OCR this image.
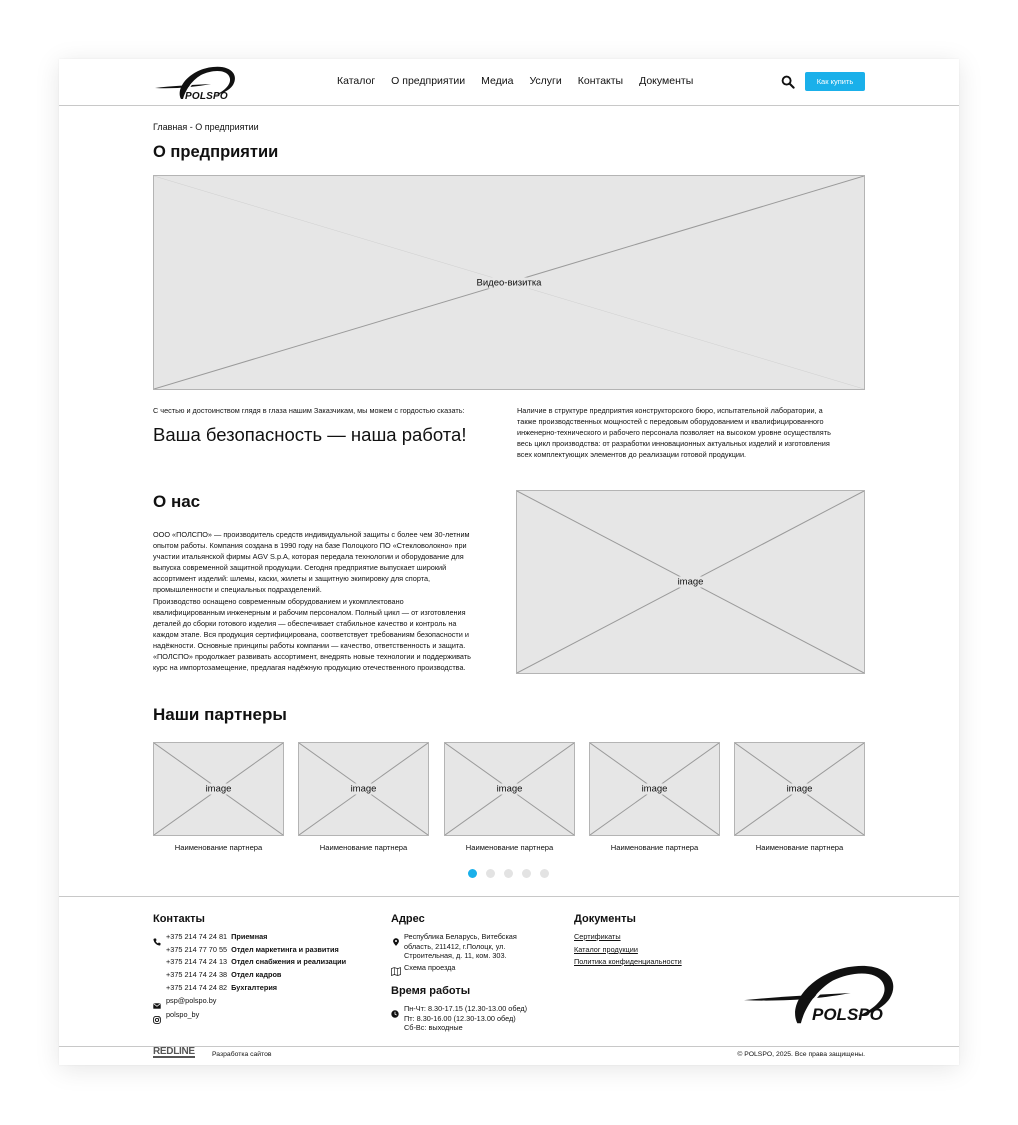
POLSPO
Каталог О предприятии Медиа Услуги Контакты Документы	Как купить
Главная - О предприятии
О предприятии
Видео-визитка
С честью и достоинством глядя в глаза нашим Заказчикам, мы можем с гордостью сказать:
Ваша безопасность — наша работа!
Наличие в структуре предприятия конструкторского бюро, испытательной лаборатории, а
также производственных мощностей с передовым оборудованием и квалифицированного
инженерно-технического и рабочего персонала позволяет на высоком уровне осуществлять
весь цикл производства: от разработки инновационных актуальных изделий и изготовления
всех комплектующих элементов до реализации готовой продукции.
О нас
ООО «ПОЛСПО» — производитель средств индивидуальной защиты с более чем 30-летним
опытом работы. Компания создана в 1990 году на базе Полоцкого ПО «Стекловолокно» при
участии итальянской фирмы AGV S.p.A, которая передала технологии и оборудование для
выпуска современной защитной продукции. Сегодня предприятие выпускает широкий
ассортимент изделий: шлемы, каски, жилеты и защитную экипировку для спорта,
промышленности и специальных подразделений.
Производство оснащено современным оборудованием и укомплектовано
квалифицированным инженерным и рабочим персоналом. Полный цикл — от изготовления
деталей до сборки готового изделия — обеспечивает стабильное качество и контроль на
каждом этапе. Вся продукция сертифицирована, соответствует требованиям безопасности и
надёжности. Основные принципы работы компании — качество, ответственность и защита.
«ПОЛСПО» продолжает развивать ассортимент, внедрять новые технологии и поддерживать
курс на импортозамещение, предлагая надёжную продукцию отечественного производства.
image
Наши партнеры
image	image	image	image	image
Наименование партнера	Наименование партнера	Наименование партнера	Наименование партнера	Наименование партнера
Контакты
+375 214 74 24 81 Приемная
+375 214 77 70 55 Отдел маркетинга и развития
+375 214 74 24 13 Отдел снабжения и реализации
+375 214 74 24 38 Отдел кадров
+375 214 74 24 82 Бухгалтерия
psp@polspo.by
polspo_by
Адрес
Республика Беларусь, Витебская
область, 211412, г.Полоцк, ул.
Строительная, д. 11, ком. 303.
Схема проезда
Время работы
Пн-Чт: 8.30-17.15 (12.30-13.00 обед)
Пт: 8.30-16.00 (12.30-13.00 обед)
Сб-Вс: выходные
Документы
Сертификаты
Каталог продукции
Политика конфиденциальности
POLSPO
REDLINE	Разработка сайтов	© POLSPO, 2025. Все права защищены.
